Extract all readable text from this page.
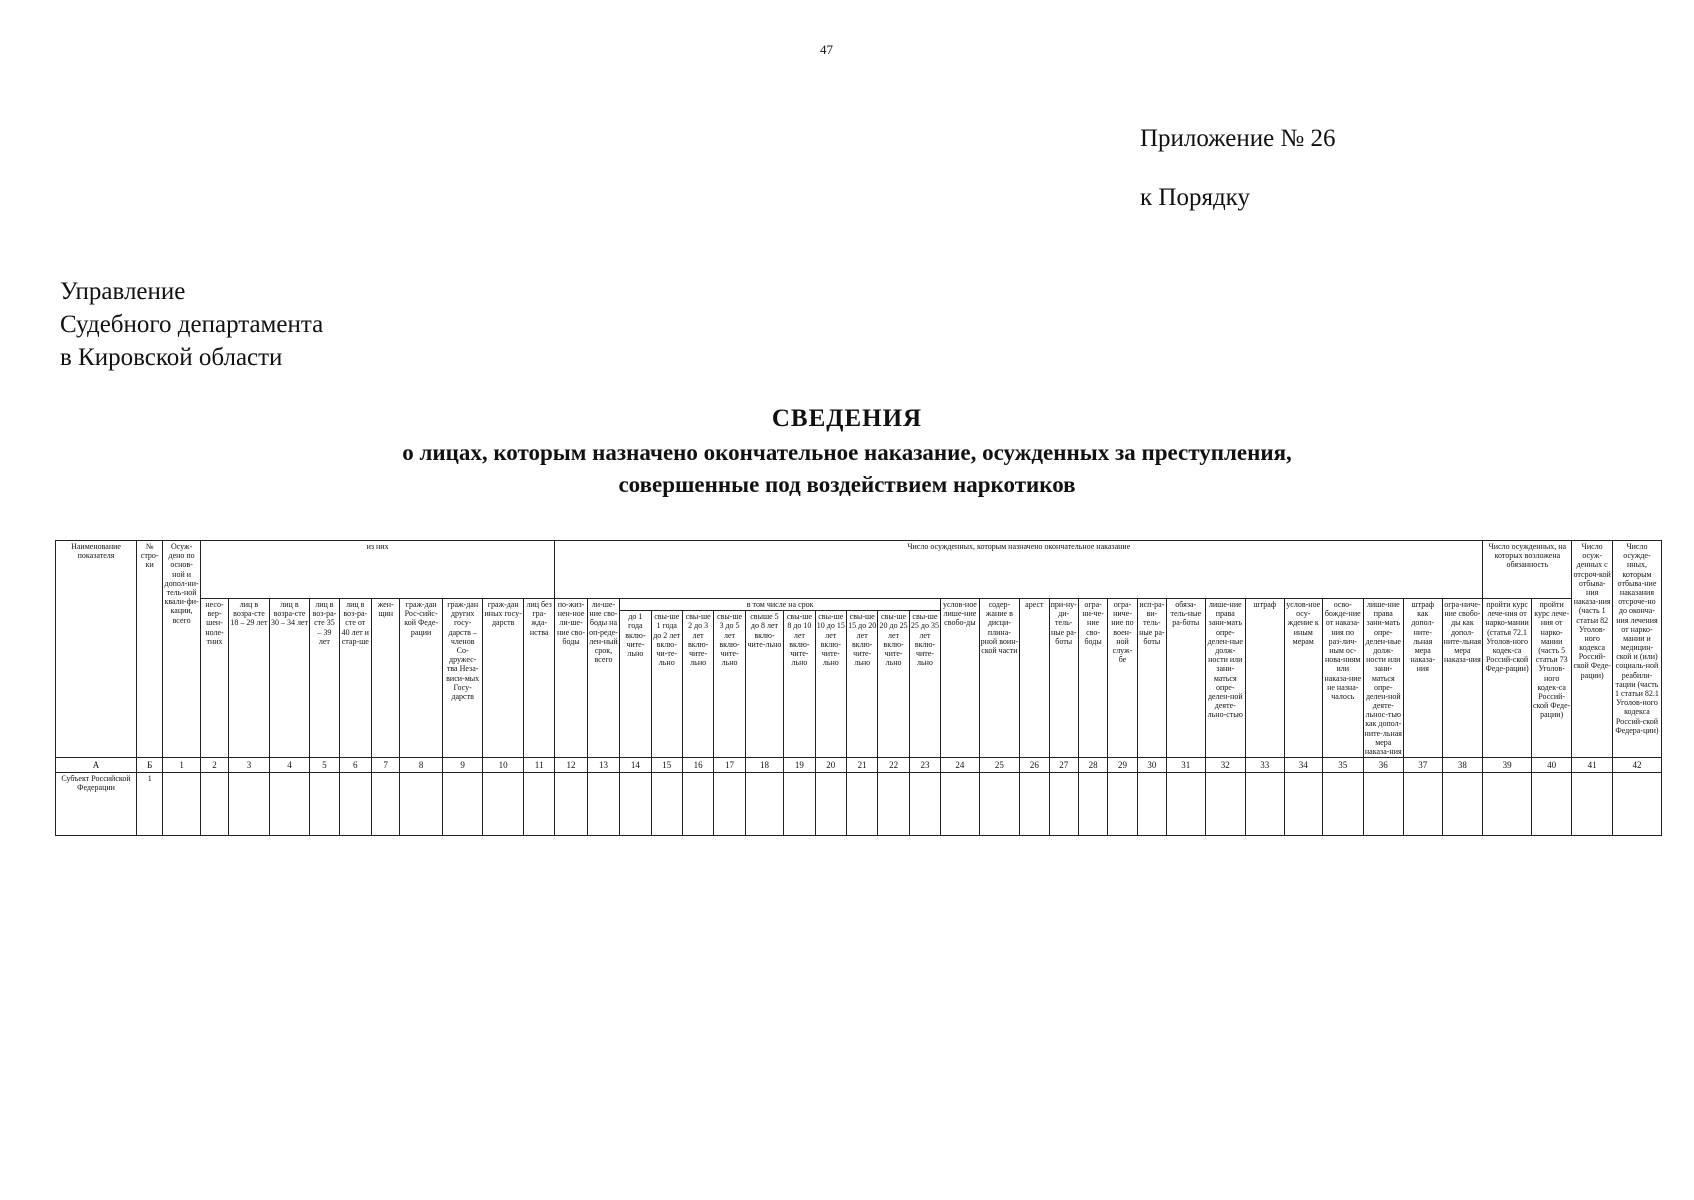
47
Приложение № 26
к Порядку
Управление
Судебного департамента
в Кировской области
СВЕДЕНИЯ
о лицах, которым назначено окончательное наказание, осужденных за преступления,
совершенные под воздействием наркотиков
Наименование показателя	№ стро-ки	Осуж-дено по основ-ной и допол-ни-тель-ной квали-фи-кации, всего	из них										Число осужденных, которым назначено окончательное наказание																											Число осужденных, на которых возложена обязанность		Число осуж-денных с отсроч-кой отбыва-ния наказа-ния (часть 1 статьи 82 Уголов-ного кодекса Россий-ской Феде-рации)	Число осужде-нных, которым отбыва-ние наказания отсроче-но до оконча-ния лечения от нарко-мании и медицин-ской и (или) социаль-ной реабили-тации (часть 1 статьи 82.1 Уголов-ного кодекса Россий-ской Федера-ции)
			несо-вер-шен-ноле-тних	лиц в возра-сте 18 – 29 лет	лиц в возра-сте 30 – 34 лет	лиц в воз-ра-сте 35 – 39 лет	лиц в воз-ра-сте от 40 лет и стар-ше	жен-щин	граж-дан Рос-сийс-кой Феде-рации	граж-дан других госу-дарств – членов Со-дружес-тва Неза-виси-мых Госу-дарств	граж-дан иных госу-дарств	лиц без гра-жда-нства	по-жиз-нен-ное ли-ше-ние сво-боды	ли-ше-ние сво-боды на оп-реде-лен-ный срок, всего	в том числе на срок										услов-ное лише-ние свобо-ды	содер-жание в дисци-плина-рной воин-ской части	арест	при-ну-ди-тель-ные ра-боты	огра-ни-че-ние сво-боды	огра-ниче-ние по воен-ной служ-бе	исп-ра-ви-тель-ные ра-боты	обяза-тель-ные ра-боты	лише-ние права зани-мать опре-делен-ные долж-ности или зани-маться опре-делен-ной деяте-льно-стью	штраф	услов-ное осу-ждение к иным мерам	осво-божде-ние от наказа-ния по раз-лич-ным ос-нова-ниям или наказа-ние не назна-чалось	лише-ние права зани-мать опре-делен-ные долж-ности или зани-маться опре-делен-ной деяте-льнос-тью как допол-ните-льная мера наказа-ния	штраф как допол-ните-льная мера наказа-ния	огра-ниче-ние свобо-ды как допол-ните-льная мера наказа-ния	пройти курс лече-ния от нарко-мании (статья 72.1 Уголов-ного кодек-са Россий-ской Феде-рации)	пройти курс лече-ния от нарко-мании (часть 5 статьи 73 Уголов-ного кодек-са Россий-ской Феде-рации)		
															до 1 года вклю-чите-льно	свы-ше 1 года до 2 лет вклю-чи-те-льно	свы-ше 2 до 3 лет вклю-чите-льно	свы-ше 3 до 5 лет вклю-чите-льно	свыше 5 до 8 лет вклю-чите-льно	свы-ше 8 до 10 лет вклю-чите-льно	свы-ше 10 до 15 лет вклю-чите-льно	свы-ше 15 до 20 лет вклю-чите-льно	свы-ше 20 до 25 лет вклю-чите-льно	свы-ше 25 до 35 лет вклю-чите-льно																			
А	Б	1	2	3	4	5	6	7	8	9	10	11	12	13	14	15	16	17	18	19	20	21	22	23	24	25	26	27	28	29	30	31	32	33	34	35	36	37	38	39	40	41	42
Субъект Российской Федерации	1																																										
